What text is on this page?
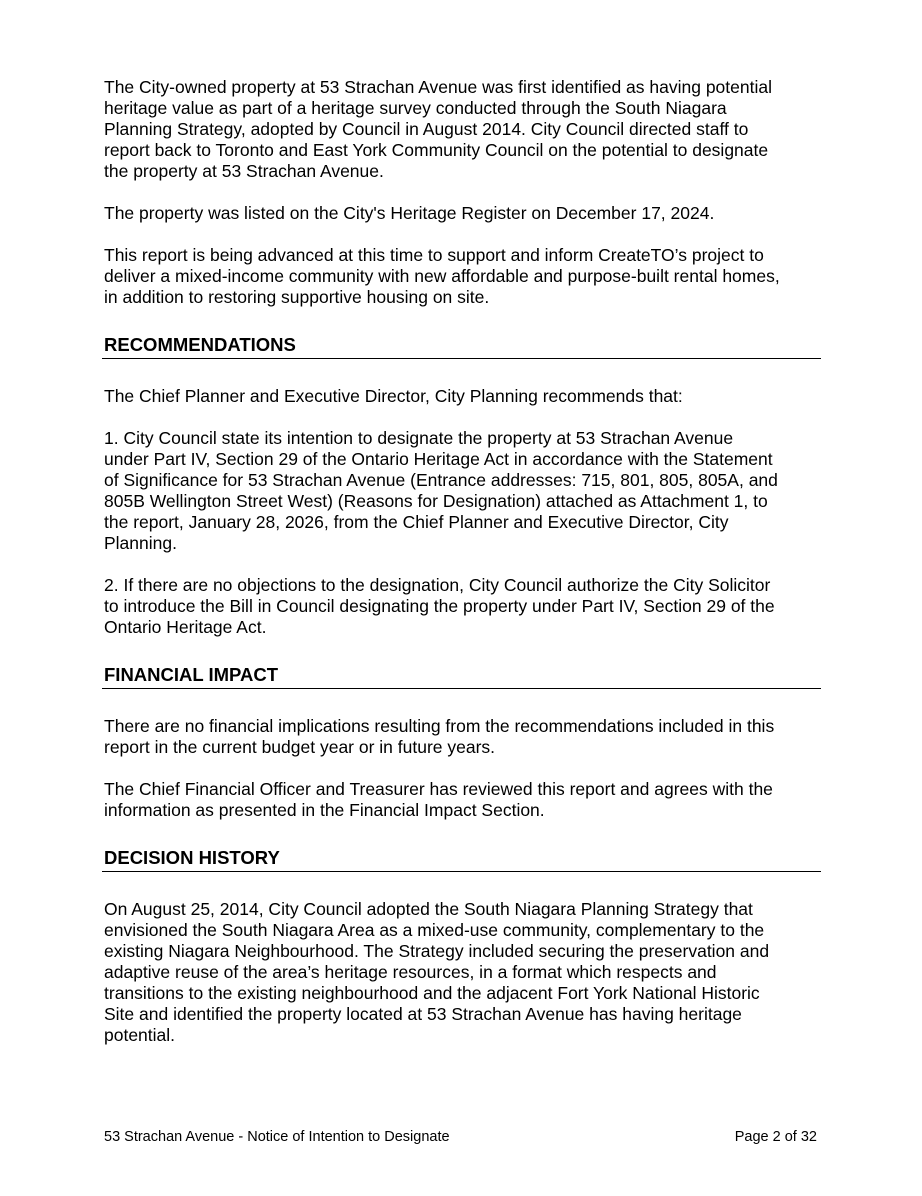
The City-owned property at 53 Strachan Avenue was first identified as having potential
heritage value as part of a heritage survey conducted through the South Niagara
Planning Strategy, adopted by Council in August 2014. City Council directed staff to
report back to Toronto and East York Community Council on the potential to designate
the property at 53 Strachan Avenue.

The property was listed on the City's Heritage Register on December 17, 2024.

This report is being advanced at this time to support and inform CreateTO’s project to
deliver a mixed-income community with new affordable and purpose-built rental homes,
in addition to restoring supportive housing on site.

RECOMMENDATIONS

The Chief Planner and Executive Director, City Planning recommends that:

1. City Council state its intention to designate the property at 53 Strachan Avenue
under Part IV, Section 29 of the Ontario Heritage Act in accordance with the Statement
of Significance for 53 Strachan Avenue (Entrance addresses: 715, 801, 805, 805A, and
805B Wellington Street West) (Reasons for Designation) attached as Attachment 1, to
the report, January 28, 2026, from the Chief Planner and Executive Director, City
Planning.

2. If there are no objections to the designation, City Council authorize the City Solicitor
to introduce the Bill in Council designating the property under Part IV, Section 29 of the
Ontario Heritage Act.

FINANCIAL IMPACT

There are no financial implications resulting from the recommendations included in this
report in the current budget year or in future years.

The Chief Financial Officer and Treasurer has reviewed this report and agrees with the
information as presented in the Financial Impact Section.

DECISION HISTORY

On August 25, 2014, City Council adopted the South Niagara Planning Strategy that
envisioned the South Niagara Area as a mixed-use community, complementary to the
existing Niagara Neighbourhood. The Strategy included securing the preservation and
adaptive reuse of the area’s heritage resources, in a format which respects and
transitions to the existing neighbourhood and the adjacent Fort York National Historic
Site and identified the property located at 53 Strachan Avenue has having heritage
potential.

53 Strachan Avenue - Notice of Intention to Designate	Page 2 of 32
